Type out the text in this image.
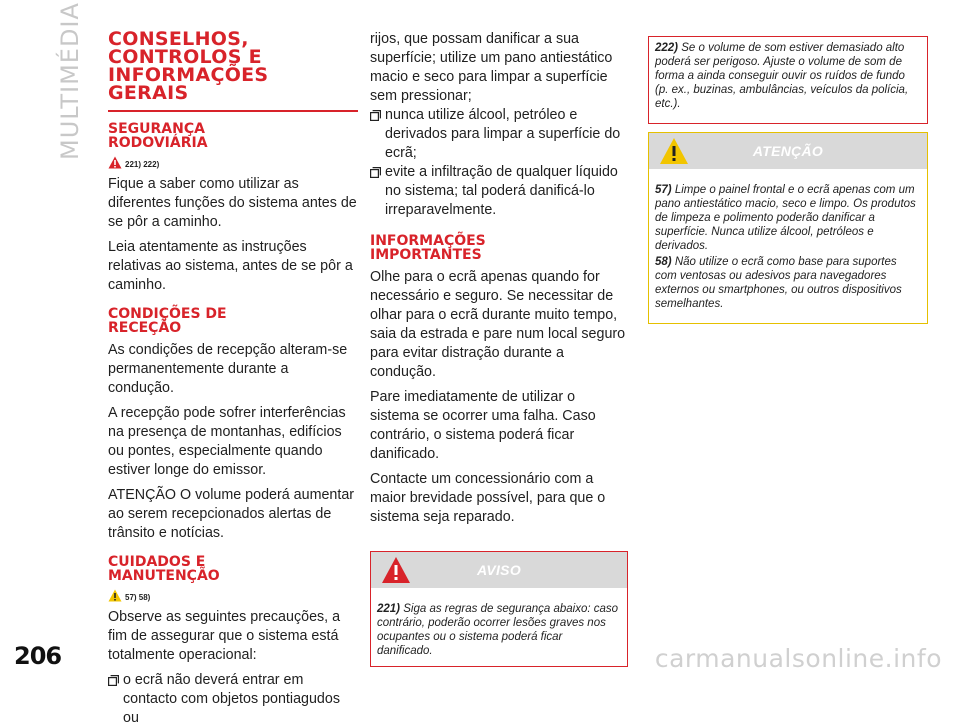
MULTIMÉDIA
206	carmanualsonline.info
CONSELHOS,
CONTROLOS E
INFORMAÇÕES
GERAIS
SEGURANÇA
RODOVIÁRIA
221) 222)

Fique a saber como utilizar as diferentes funções do sistema antes de se pôr a caminho.

Leia atentamente as instruções relativas ao sistema, antes de se pôr a caminho.

CONDIÇÕES DE
RECEÇÃO

As condições de recepção alteram-se permanentemente durante a condução.

A recepção pode sofrer interferências na presença de montanhas, edifícios ou pontes, especialmente quando estiver longe do emissor.

ATENÇÃO O volume poderá aumentar ao serem recepcionados alertas de trânsito e notícias.

CUIDADOS E
MANUTENÇÃO
57) 58)

Observe as seguintes precauções, a fim de assegurar que o sistema está totalmente operacional:

o ecrã não deverá entrar em contacto com objetos pontiagudos ou

rijos, que possam danificar a sua superfície; utilize um pano antiestático macio e seco para limpar a superfície sem pressionar;

nunca utilize álcool, petróleo e derivados para limpar a superfície do ecrã;
evite a infiltração de qualquer líquido no sistema; tal poderá danificá-lo irreparavelmente.
INFORMAÇÕES
IMPORTANTES

Olhe para o ecrã apenas quando for necessário e seguro. Se necessitar de olhar para o ecrã durante muito tempo, saia da estrada e pare num local seguro para evitar distração durante a condução.

Pare imediatamente de utilizar o sistema se ocorrer uma falha. Caso contrário, o sistema poderá ficar danificado.

Contacte um concessionário com a maior brevidade possível, para que o sistema seja reparado.

AVISO
221) Siga as regras de segurança abaixo: caso contrário, poderão ocorrer lesões graves nos ocupantes ou o sistema poderá ficar danificado.
222) Se o volume de som estiver demasiado alto poderá ser perigoso. Ajuste o volume de som de forma a ainda conseguir ouvir os ruídos de fundo (p. ex., buzinas, ambulâncias, veículos da polícia, etc.).
ATENÇÃO
57) Limpe o painel frontal e o ecrã apenas com um pano antiestático macio, seco e limpo. Os produtos de limpeza e polimento poderão danificar a superfície. Nunca utilize álcool, petróleos e derivados.
58) Não utilize o ecrã como base para suportes com ventosas ou adesivos para navegadores externos ou smartphones, ou outros dispositivos semelhantes.
